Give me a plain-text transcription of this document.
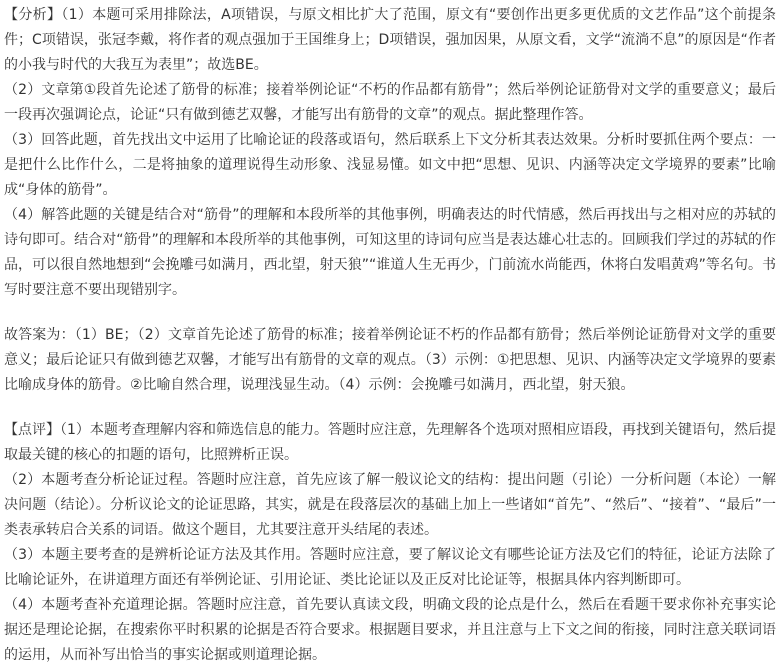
【分析】（1）本题可采用排除法，A项错误，与原文相比扩大了范围，原文有“要创作出更多更优质的文艺作品”这个前提条件；C项错误，张冠李戴，将作者的观点强加于王国维身上；D项错误，强加因果，从原文看，文学“流淌不息”的原因是“作者的小我与时代的大我互为表里”；故选BE。

（2）文章第①段首先论述了筋骨的标准；接着举例论证“不朽的作品都有筋骨”；然后举例论证筋骨对文学的重要意义；最后一段再次强调论点，论证“只有做到德艺双馨，才能写出有筋骨的文章”的观点。据此整理作答。

（3）回答此题，首先找出文中运用了比喻论证的段落或语句，然后联系上下文分析其表达效果。分析时要抓住两个要点：一是把什么比作什么，二是将抽象的道理说得生动形象、浅显易懂。如文中把“思想、见识、内涵等决定文学境界的要素”比喻成“身体的筋骨”。

（4）解答此题的关键是结合对“筋骨”的理解和本段所举的其他事例，明确表达的时代情感，然后再找出与之相对应的苏轼的诗句即可。结合对“筋骨”的理解和本段所举的其他事例，可知这里的诗词句应当是表达雄心壮志的。回顾我们学过的苏轼的作品，可以很自然地想到“会挽雕弓如满月，西北望，射天狼”“谁道人生无再少，门前流水尚能西，休将白发唱黄鸡”等名句。书写时要注意不要出现错别字。

故答案为：（1）BE；（2）文章首先论述了筋骨的标准；接着举例论证不朽的作品都有筋骨；然后举例论证筋骨对文学的重要意义；最后论证只有做到德艺双馨，才能写出有筋骨的文章的观点。（3）示例：①把思想、见识、内涵等决定文学境界的要素比喻成身体的筋骨。②比喻自然合理，说理浅显生动。（4）示例：会挽雕弓如满月，西北望，射天狼。

【点评】（1）本题考查理解内容和筛选信息的能力。答题时应注意，先理解各个选项对照相应语段，再找到关键语句，然后提取最关键的核心的扣题的语句，比照辨析正误。

（2）本题考查分析论证过程。答题时应注意，首先应该了解一般议论文的结构：提出问题（引论）一分析问题（本论）一解决问题（结论）。分析议论文的论证思路，其实，就是在段落层次的基础上加上一些诸如“首先”、“然后”、“接着”、“最后”一类表承转启合关系的词语。做这个题目，尤其要注意开头结尾的表述。

（3）本题主要考查的是辨析论证方法及其作用。答题时应注意，要了解议论文有哪些论证方法及它们的特征，论证方法除了比喻论证外，在讲道理方面还有举例论证、引用论证、类比论证以及正反对比论证等，根据具体内容判断即可。

（4）本题考查补充道理论据。答题时应注意，首先要认真读文段，明确文段的论点是什么，然后在看题干要求你补充事实论据还是理论论据，在搜索你平时积累的论据是否符合要求。根据题目要求，并且注意与上下文之间的衔接，同时注意关联词语的运用，从而补写出恰当的事实论据或则道理论据。
